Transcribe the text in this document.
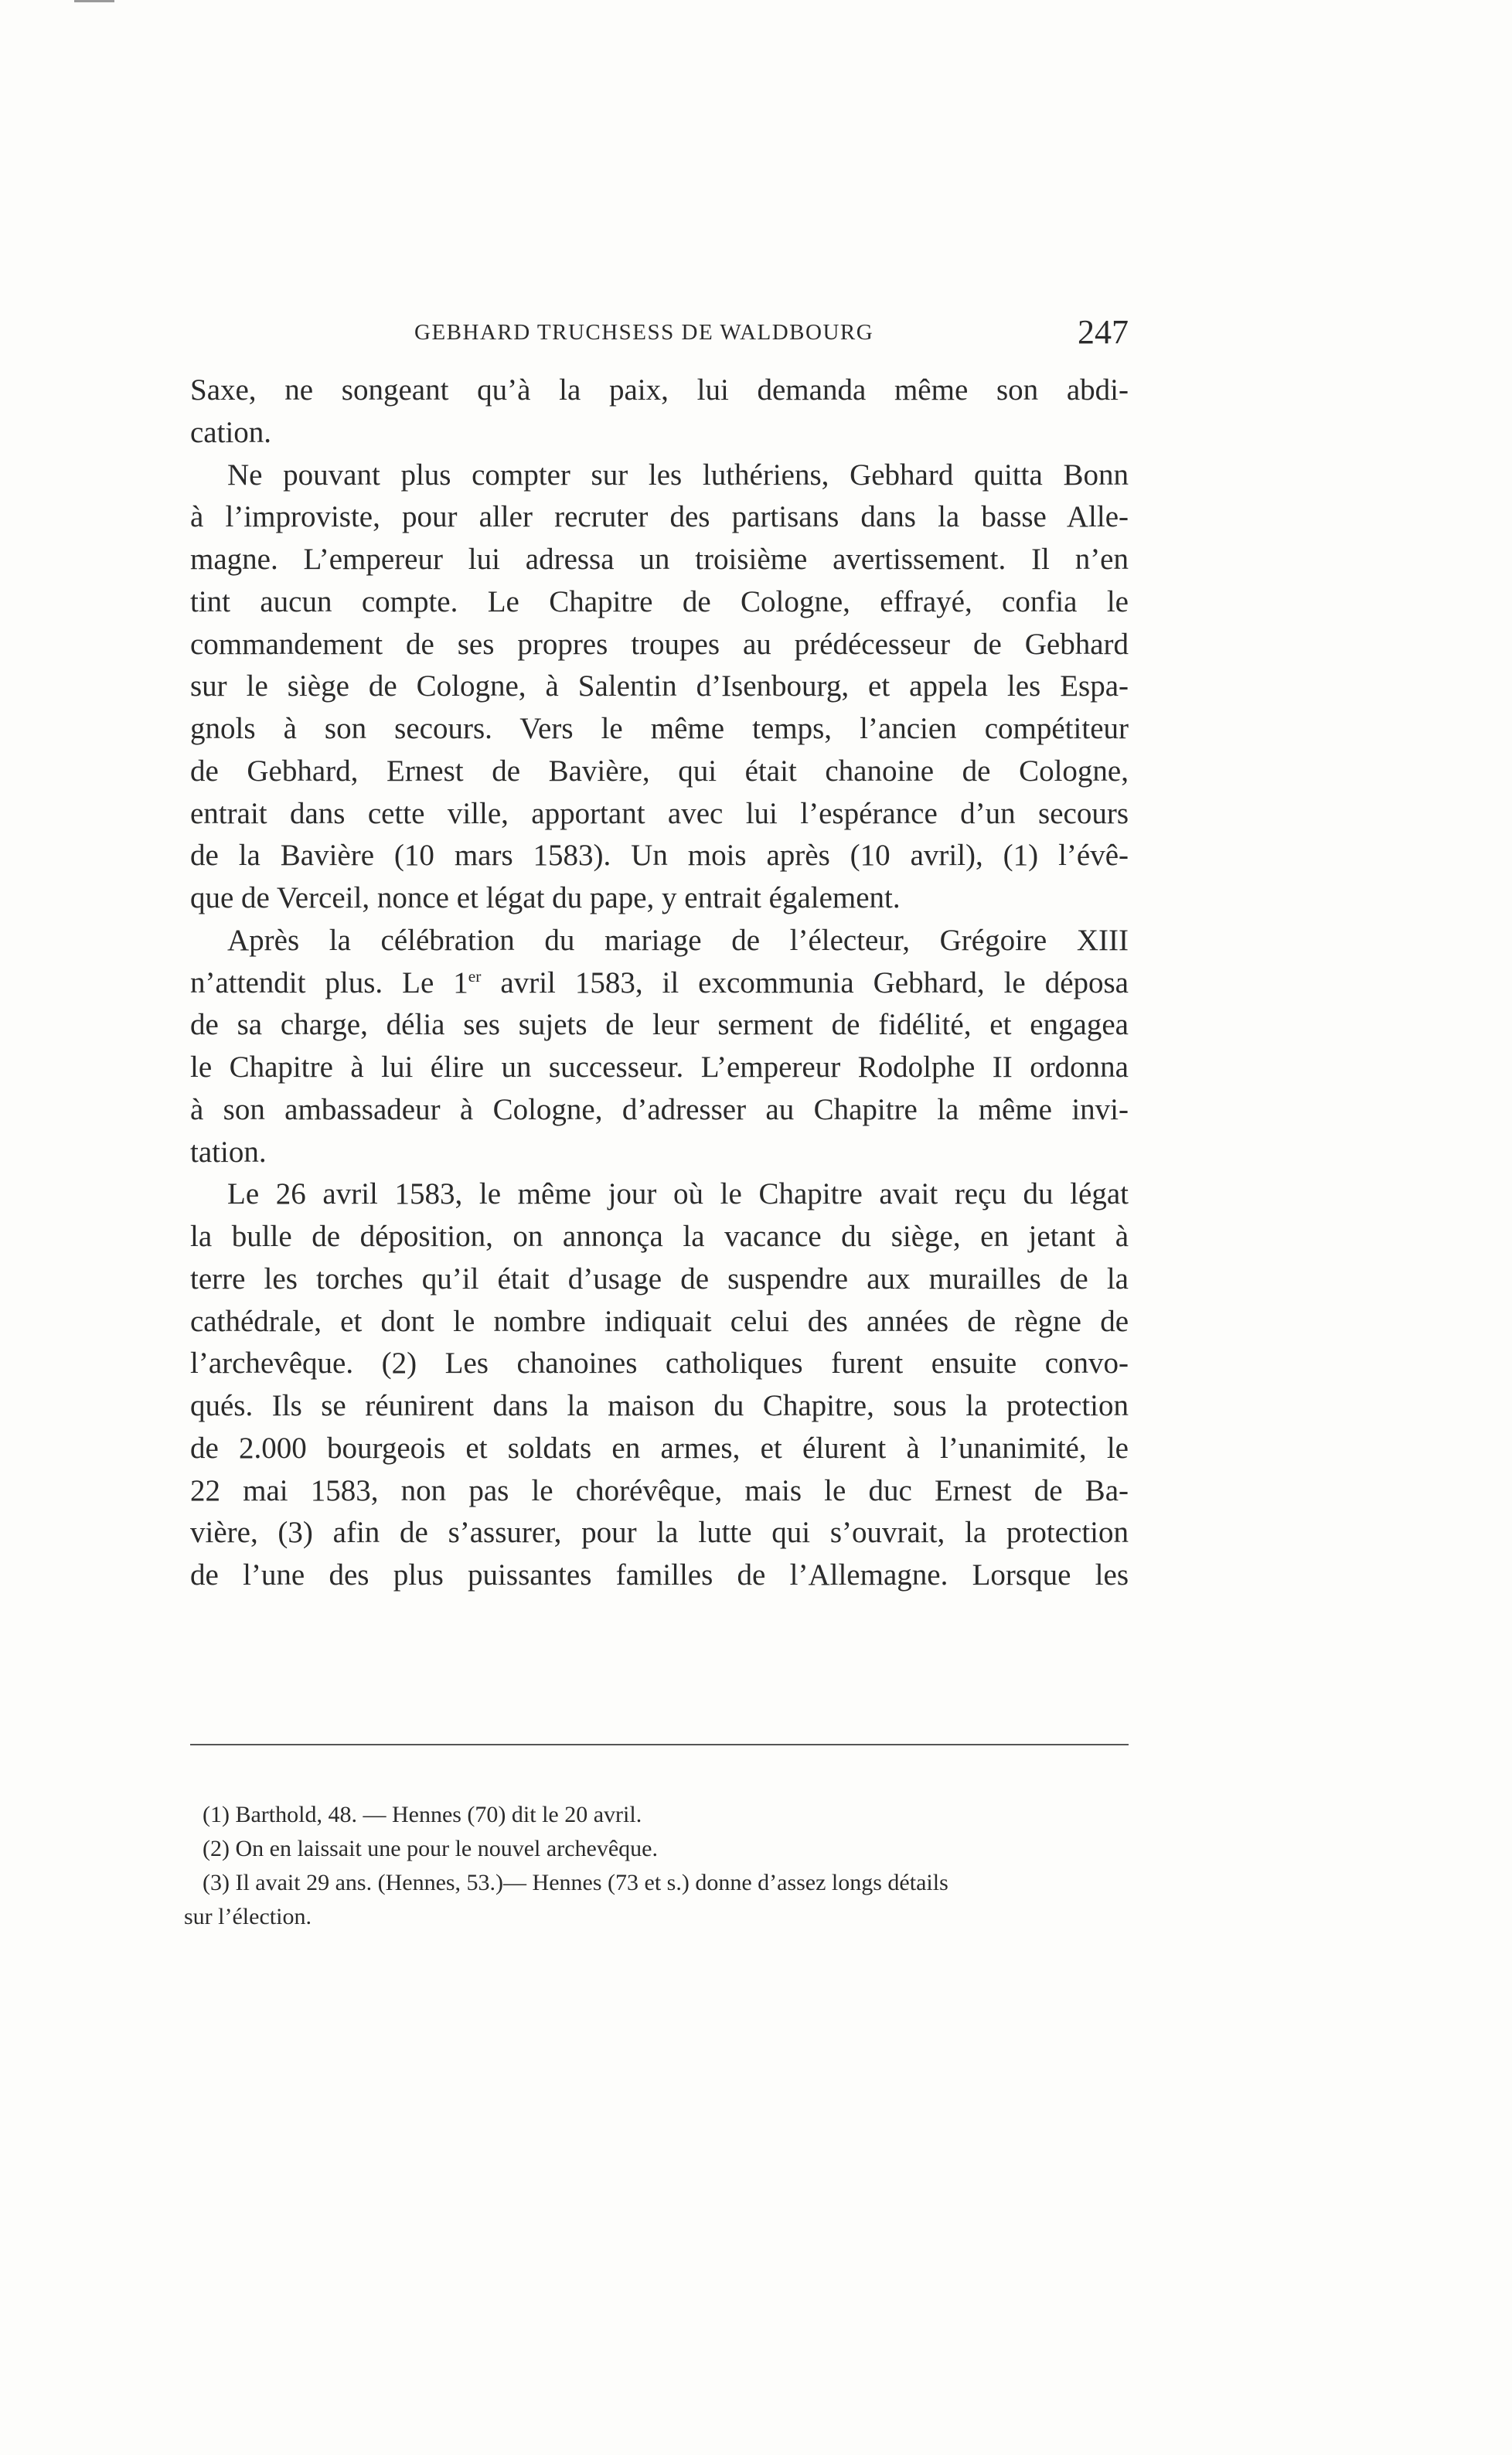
GEBHARD TRUCHSESS DE WALDBOURG	247
Saxe, ne songeant qu’à la paix, lui demanda même son abdi-
cation.
Ne pouvant plus compter sur les luthériens, Gebhard quitta Bonn
à l’improviste, pour aller recruter des partisans dans la basse Alle-
magne. L’empereur lui adressa un troisième avertissement. Il n’en
tint aucun compte. Le Chapitre de Cologne, effrayé, confia le
commandement de ses propres troupes au prédécesseur de Gebhard
sur le siège de Cologne, à Salentin d’Isenbourg, et appela les Espa-
gnols à son secours. Vers le même temps, l’ancien compétiteur
de Gebhard, Ernest de Bavière, qui était chanoine de Cologne,
entrait dans cette ville, apportant avec lui l’espérance d’un secours
de la Bavière (10 mars 1583). Un mois après (10 avril), (1) l’évê-
que de Verceil, nonce et légat du pape, y entrait également.
Après la célébration du mariage de l’électeur, Grégoire XIII
n’attendit plus. Le 1er avril 1583, il excommunia Gebhard, le déposa
de sa charge, délia ses sujets de leur serment de fidélité, et engagea
le Chapitre à lui élire un successeur. L’empereur Rodolphe II ordonna
à son ambassadeur à Cologne, d’adresser au Chapitre la même invi-
tation.
Le 26 avril 1583, le même jour où le Chapitre avait reçu du légat
la bulle de déposition, on annonça la vacance du siège, en jetant à
terre les torches qu’il était d’usage de suspendre aux murailles de la
cathédrale, et dont le nombre indiquait celui des années de règne de
l’archevêque. (2) Les chanoines catholiques furent ensuite convo-
qués. Ils se réunirent dans la maison du Chapitre, sous la protection
de 2.000 bourgeois et soldats en armes, et élurent à l’unanimité, le
22 mai 1583, non pas le chorévêque, mais le duc Ernest de Ba-
vière, (3) afin de s’assurer, pour la lutte qui s’ouvrait, la protection
de l’une des plus puissantes familles de l’Allemagne. Lorsque les
(1) Barthold, 48. — Hennes (70) dit le 20 avril.
(2) On en laissait une pour le nouvel archevêque.
(3) Il avait 29 ans. (Hennes, 53.)— Hennes (73 et s.) donne d’assez longs détails
sur l’élection.
